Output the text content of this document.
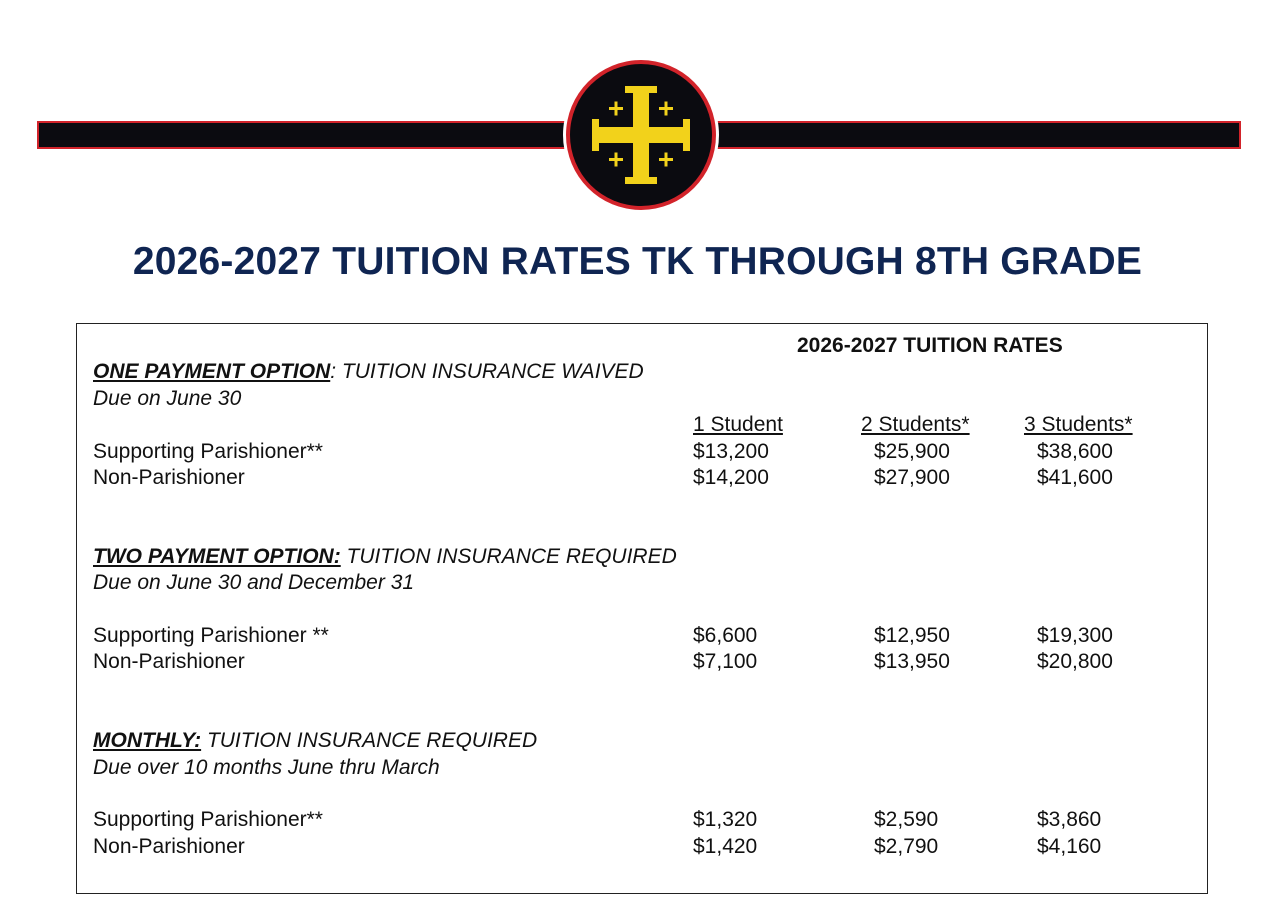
2026-2027 TUITION RATES TK THROUGH 8TH GRADE
2026-2027 TUITION RATES
ONE PAYMENT OPTION: TUITION INSURANCE WAIVED
Due on June 30
1 Student	2 Students*	3 Students*
Supporting Parishioner**	$13,200	$25,900	$38,600
Non-Parishioner	$14,200	$27,900	$41,600
TWO PAYMENT OPTION: TUITION INSURANCE REQUIRED
Due on June 30 and December 31
Supporting Parishioner **	$6,600	$12,950	$19,300
Non-Parishioner	$7,100	$13,950	$20,800
MONTHLY: TUITION INSURANCE REQUIRED
Due over 10 months June thru March
Supporting Parishioner**	$1,320	$2,590	$3,860
Non-Parishioner	$1,420	$2,790	$4,160
